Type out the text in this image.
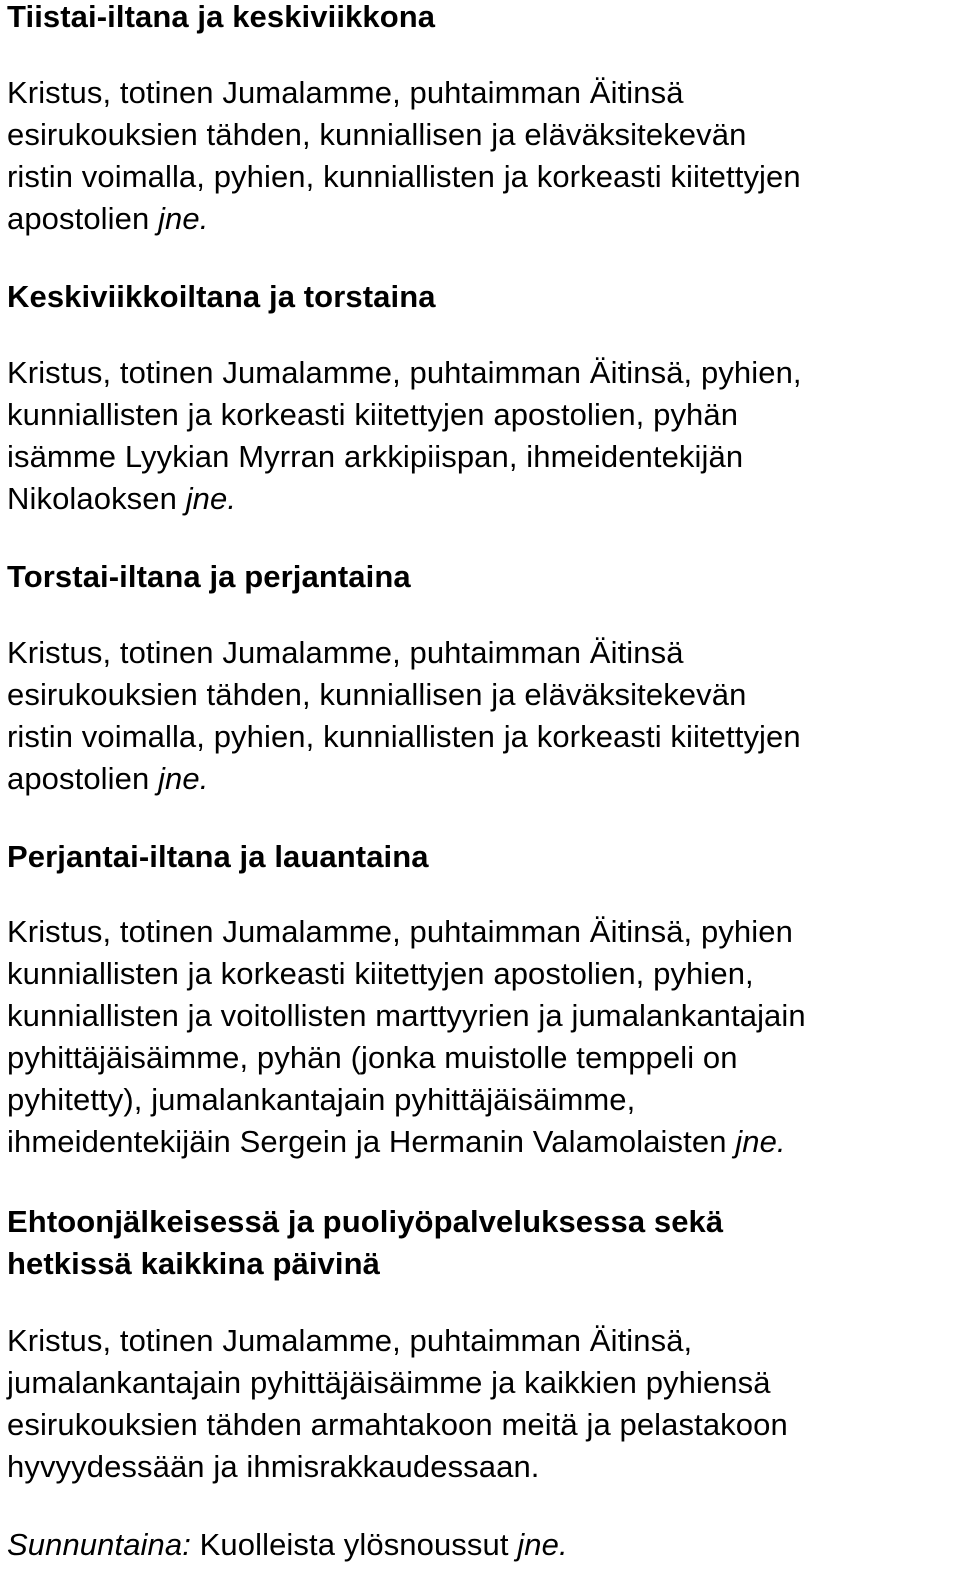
Tiistai-iltana ja keskiviikkona
Kristus, totinen Jumalamme, puhtaimman Äitinsä
esirukouksien tähden, kunniallisen ja eläväksitekevän
ristin voimalla, pyhien, kunniallisten ja korkeasti kiitettyjen
apostolien jne.
Keskiviikkoiltana ja torstaina
Kristus, totinen Jumalamme, puhtaimman Äitinsä, pyhien,
kunniallisten ja korkeasti kiitettyjen apostolien, pyhän
isämme Lyykian Myrran arkkipiispan, ihmeidentekijän
Nikolaoksen jne.
Torstai-iltana ja perjantaina
Kristus, totinen Jumalamme, puhtaimman Äitinsä
esirukouksien tähden, kunniallisen ja eläväksitekevän
ristin voimalla, pyhien, kunniallisten ja korkeasti kiitettyjen
apostolien jne.
Perjantai-iltana ja lauantaina
Kristus, totinen Jumalamme, puhtaimman Äitinsä, pyhien
kunniallisten ja korkeasti kiitettyjen apostolien, pyhien,
kunniallisten ja voitollisten marttyyrien ja jumalankantajain
pyhittäjäisäimme, pyhän (jonka muistolle temppeli on
pyhitetty), jumalankantajain pyhittäjäisäimme,
ihmeidentekijäin Sergein ja Hermanin Valamolaisten jne.
Ehtoonjälkeisessä ja puoliyöpalveluksessa sekä
hetkissä kaikkina päivinä
Kristus, totinen Jumalamme, puhtaimman Äitinsä,
jumalankantajain pyhittäjäisäimme ja kaikkien pyhiensä
esirukouksien tähden armahtakoon meitä ja pelastakoon
hyvyydessään ja ihmisrakkaudessaan.
Sunnuntaina: Kuolleista ylösnoussut jne.
